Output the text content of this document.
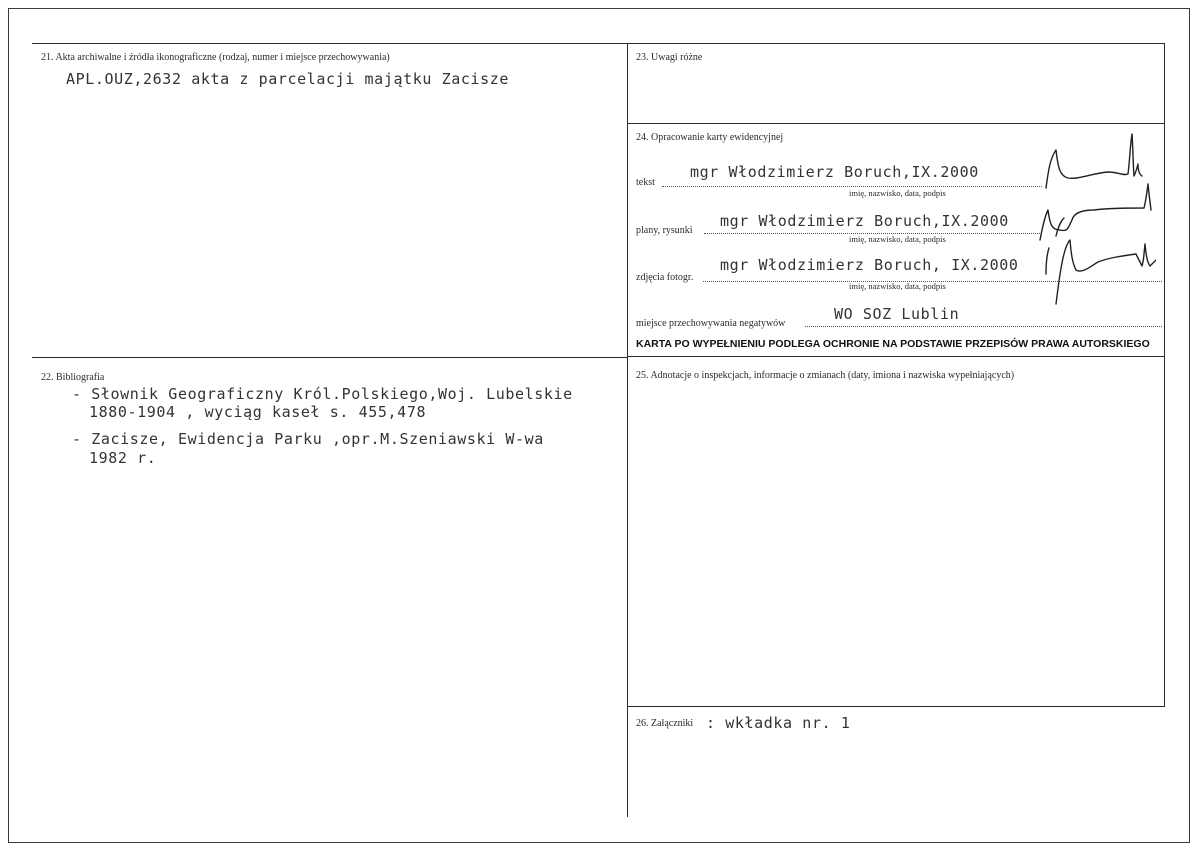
21. Akta archiwalne i źródła ikonograficzne (rodzaj, numer i miejsce przechowywania)
APL.OUZ,2632 akta z parcelacji majątku Zacisze
22. Bibliografia
- Słownik Geograficzny Król.Polskiego,Woj. Lubelskie
1880-1904 , wyciąg kaseł s. 455,478
- Zacisze, Ewidencja Parku ,opr.M.Szeniawski W-wa
1982 r.
23. Uwagi różne
24. Opracowanie karty ewidencyjnej
tekst
mgr Włodzimierz Boruch,IX.2000
imię, nazwisko, data, podpis
plany, rysunki
mgr Włodzimierz Boruch,IX.2000
imię, nazwisko, data, podpis
zdjęcia fotogr.
mgr Włodzimierz Boruch, IX.2000
imię, nazwisko, data, podpis
miejsce przechowywania negatywów
WO SOZ Lublin
KARTA PO WYPEŁNIENIU PODLEGA OCHRONIE NA PODSTAWIE PRZEPISÓW PRAWA AUTORSKIEGO
25. Adnotacje o inspekcjach, informacje o zmianach (daty, imiona i nazwiska wypełniających)
26. Załączniki : wkładka nr. 1
